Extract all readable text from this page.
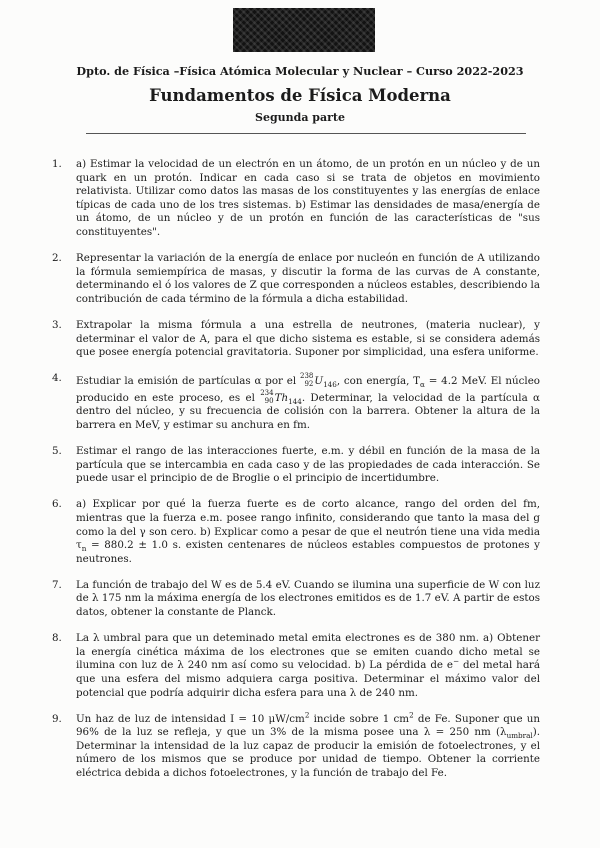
Dpto. de Física –Física Atómica Molecular y Nuclear – Curso 2022-2023
Fundamentos de Física Moderna
Segunda parte
1. a) Estimar la velocidad de un electrón en un átomo, de un protón en un núcleo y de un quark en un protón. Indicar en cada caso si se trata de objetos en movimiento relativista. Utilizar como datos las masas de los constituyentes y las energías de enlace típicas de cada uno de los tres sistemas. b) Estimar las densidades de masa/energía de un átomo, de un núcleo y de un protón en función de las características de "sus constituyentes".
2. Representar la variación de la energía de enlace por nucleón en función de A utilizando la fórmula semiempírica de masas, y discutir la forma de las curvas de A constante, determinando el ó los valores de Z que corresponden a núcleos estables, describiendo la contribución de cada término de la fórmula a dicha estabilidad.
3. Extrapolar la misma fórmula a una estrella de neutrones, (materia nuclear), y determinar el valor de A, para el que dicho sistema es estable, si se considera además que posee energía potencial gravitatoria. Suponer por simplicidad, una esfera uniforme.
4. Estudiar la emisión de partículas α por el 238
92 $U_{146}$, con energía, $T_\alpha = 4.2$ MeV. El núcleo producido en este proceso, es el 234
90 $Th_{144}$. Determinar, la velocidad de la partícula α dentro del núcleo, y su frecuencia de colisión con la barrera. Obtener la altura de la barrera en MeV, y estimar su anchura en fm.
5. Estimar el rango de las interacciones fuerte, e.m. y débil en función de la masa de la partícula que se intercambia en cada caso y de las propiedades de cada interacción. Se puede usar el principio de de Broglie o el principio de incertidumbre.
6. a) Explicar por qué la fuerza fuerte es de corto alcance, rango del orden del fm, mientras que la fuerza e.m. posee rango infinito, considerando que tanto la masa del g como la del γ son cero. b) Explicar como a pesar de que el neutrón tiene una vida media $\tau_n = 880.2 \pm 1.0$ s. existen centenares de núcleos estables compuestos de protones y neutrones.
7. La función de trabajo del W es de 5.4 eV. Cuando se ilumina una superficie de W con luz de λ 175 nm la máxima energía de los electrones emitidos es de 1.7 eV. A partir de estos datos, obtener la constante de Planck.
8. La λ umbral para que un deteminado metal emita electrones es de 380 nm. a) Obtener la energía cinética máxima de los electrones que se emiten cuando dicho metal se ilumina con luz de λ 240 nm así como su velocidad. b) La pérdida de e− del metal hará que una esfera del mismo adquiera carga positiva. Determinar el máximo valor del potencial que podría adquirir dicha esfera para una λ de 240 nm.
9. Un haz de luz de intensidad I = 10 $\mu W/cm^2$ incide sobre 1 $cm^2$ de Fe. Suponer que un 96% de la luz se refleja, y que un 3% de la misma posee una λ = 250 nm $(\lambda_{umbral})$. Determinar la intensidad de la luz capaz de producir la emisión de fotoelectrones, y el número de los mismos que se produce por unidad de tiempo. Obtener la corriente eléctrica debida a dichos fotoelectrones, y la función de trabajo del Fe.
